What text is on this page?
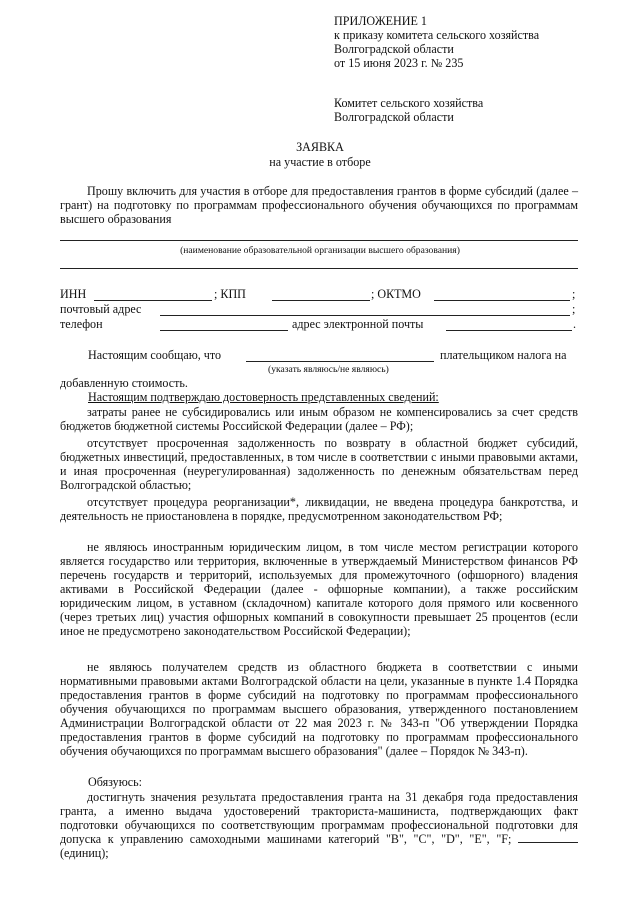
ПРИЛОЖЕНИЕ 1
к приказу комитета сельского хозяйства
Волгоградской области
от 15 июня 2023 г. № 235
Комитет сельского хозяйства
Волгоградской области
ЗАЯВКА
на участие в отборе
Прошу включить для участия в отборе для предоставления грантов в форме субсидий (далее – грант) на подготовку по программам профессионального обучения обучающихся по программам высшего образования
(наименование образовательной организации высшего образования)
ИНН	; КПП	; ОКТМО	;
почтовый адрес	;
телефон	адрес электронной почты	.
Настоящим сообщаю, что	плательщиком налога на
(указать являюсь/не являюсь)
добавленную стоимость.
Настоящим подтверждаю достоверность представленных сведений:
затраты ранее не субсидировались или иным образом не компенсировались за счет средств бюджетов бюджетной системы Российской Федерации (далее – РФ);
отсутствует просроченная задолженность по возврату в областной бюджет субсидий, бюджетных инвестиций, предоставленных, в том числе в соответствии с иными правовыми актами, и иная просроченная (неурегулированная) задолженность по денежным обязательствам перед Волгоградской областью;
отсутствует процедура реорганизации*, ликвидации, не введена процедура банкротства, и деятельность не приостановлена в порядке, предусмотренном законодательством РФ;
не являюсь иностранным юридическим лицом, в том числе местом регистрации которого является государство или территория, включенные в утверждаемый Министерством финансов РФ перечень государств и территорий, используемых для промежуточного (офшорного) владения активами в Российской Федерации (далее - офшорные компании), а также российским юридическим лицом, в уставном (складочном) капитале которого доля прямого или косвенного (через третьих лиц) участия офшорных компаний в совокупности превышает 25 процентов (если иное не предусмотрено законодательством Российской Федерации);
не являюсь получателем средств из областного бюджета в соответствии с иными нормативными правовыми актами Волгоградской области на цели, указанные в пункте 1.4 Порядка предоставления грантов в форме субсидий на подготовку по программам профессионального обучения обучающихся по программам высшего образования, утвержденного постановлением Администрации Волгоградской области от 22 мая 2023 г. № 343-п "Об утверждении Порядка предоставления грантов в форме субсидий на подготовку по программам профессионального обучения обучающихся по программам высшего образования" (далее – Порядок № 343-п).
Обязуюсь:
достигнуть значения результата предоставления гранта на 31 декабря года предоставления гранта, а именно выдача удостоверений тракториста-машиниста, подтверждающих факт подготовки обучающихся по соответствующим программам профессиональной подготовки для допуска к управлению самоходными машинами категорий "B", "C", "D", "E", "F; (единиц);
